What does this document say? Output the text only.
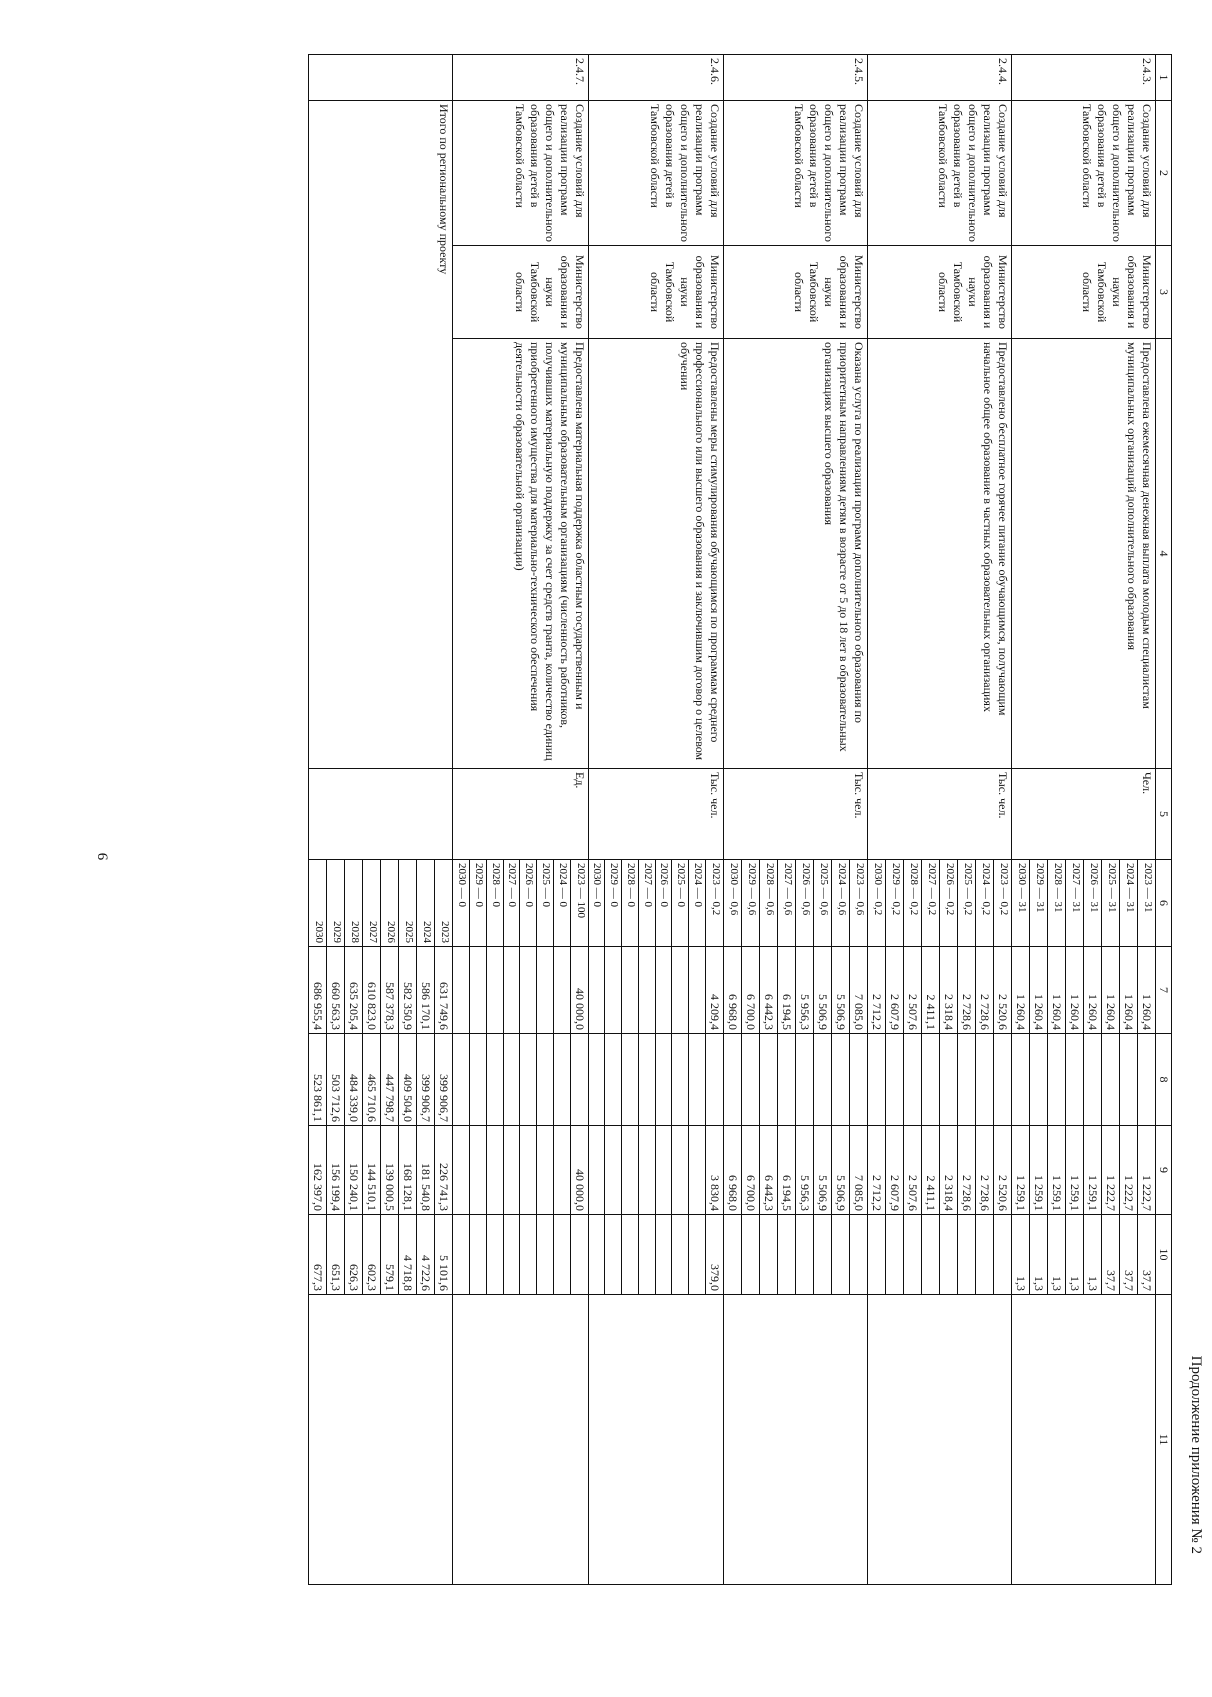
9
Продолжение приложения № 2
1	2	3	4	5	6	7	8	9	10	11
2.4.3.	Создание условий для реализации программ общего и дополнительного образования детей в Тамбовской области	Министерство образования и науки Тамбовской области	Предоставлена ежемесячная денежная выплата молодым специалистам муниципальных организаций дополнительного образования	Чел.	2023 — 31	1 260,4		1 222,7	37,7	
					2024 — 31	1 260,4		1 222,7	37,7	
					2025 — 31	1 260,4		1 222,7	37,7	
					2026 — 31	1 260,4		1 259,1	1,3	
					2027 — 31	1 260,4		1 259,1	1,3	
					2028 — 31	1 260,4		1 259,1	1,3	
					2029 — 31	1 260,4		1 259,1	1,3	
					2030 — 31	1 260,4		1 259,1	1,3	
2.4.4.	Создание условий для реализации программ общего и дополнительного образования детей в Тамбовской области	Министерство образования и науки Тамбовской области	Предоставлено бесплатное горячее питание обучающимся, получающим начальное общее образование в частных образовательных организациях	Тыс. чел.	2023 — 0,2	2 520,6		2 520,6		
					2024 — 0,2	2 728,6		2 728,6		
					2025 — 0,2	2 728,6		2 728,6		
					2026 — 0,2	2 318,4		2 318,4		
					2027 — 0,2	2 411,1		2 411,1		
					2028 — 0,2	2 507,6		2 507,6		
					2029 — 0,2	2 607,9		2 607,9		
					2030 — 0,2	2 712,2		2 712,2		
2.4.5.	Создание условий для реализации программ общего и дополнительного образования детей в Тамбовской области	Министерство образования и науки Тамбовской области	Оказана услуга по реализации программ дополнительного образования по приоритетным направлениям детям в возрасте от 5 до 18 лет в образовательных организациях высшего образования	Тыс. чел.	2023 — 0,6	7 085,0		7 085,0		
					2024 — 0,6	5 506,9		5 506,9		
					2025 — 0,6	5 506,9		5 506,9		
					2026 — 0,6	5 956,3		5 956,3		
					2027 — 0,6	6 194,5		6 194,5		
					2028 — 0,6	6 442,3		6 442,3		
					2029 — 0,6	6 700,0		6 700,0		
					2030 — 0,6	6 968,0		6 968,0		
2.4.6.	Создание условий для реализации программ общего и дополнительного образования детей в Тамбовской области	Министерство образования и науки Тамбовской области	Предоставлены меры стимулирования обучающимся по программам среднего профессионального или высшего образования и заключившим договор о целевом обучении	Тыс. чел.	2023 — 0,2	4 209,4		3 830,4	379,0	
					2024 — 0					
					2025 — 0					
					2026 — 0					
					2027 — 0					
					2028 — 0					
					2029 — 0					
					2030 — 0					
2.4.7.	Создание условий для реализации программ общего и дополнительного образования детей в Тамбовской области	Министерство образования и науки Тамбовской области	Предоставлена материальная поддержка областным государственным и муниципальным образовательным организациям (численность работников, получивших материальную поддержку за счет средств гранта, количество единиц приобретенного имущества для материально-технического обеспечения деятельности образовательной организации)	Ед.	2023 — 100	40 000,0		40 000,0		
					2024 — 0					
					2025 — 0					
					2026 — 0					
					2027 — 0					
					2028 — 0					
					2029 — 0					
					2030 — 0					
	Итого по региональному проекту				2023	631 749,6	399 906,7	226 741,3	5 101,6	
					2024	586 170,1	399 906,7	181 540,8	4 722,6	
					2025	582 350,9	409 504,0	168 128,1	4 718,8	
					2026	587 378,3	447 798,7	139 000,5	579,1	
					2027	610 823,0	465 710,6	144 510,1	602,3	
					2028	635 205,4	484 339,0	150 240,1	626,3	
					2029	660 563,3	503 712,6	156 199,4	651,3	
					2030	686 955,4	523 861,1	162 397,0	677,3	
